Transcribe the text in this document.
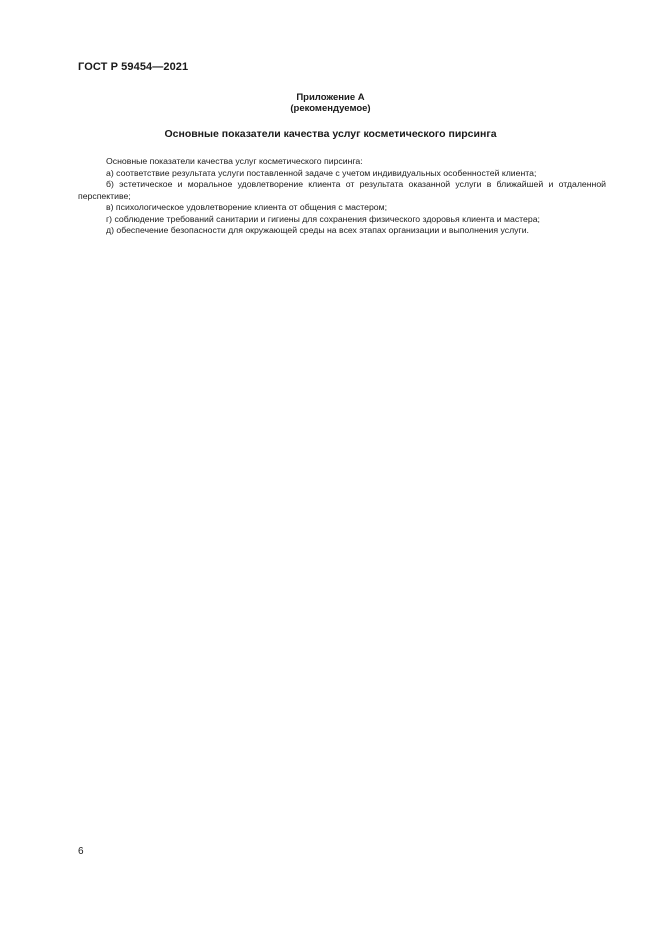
ГОСТ Р 59454—2021
Приложение А
(рекомендуемое)
Основные показатели качества услуг косметического пирсинга

Основные показатели качества услуг косметического пирсинга:

а) соответствие результата услуги поставленной задаче с учетом индивидуальных особенностей клиента;

б) эстетическое и моральное удовлетворение клиента от результата оказанной услуги в ближайшей и отдаленной перспективе;

в) психологическое удовлетворение клиента от общения с мастером;

г) соблюдение требований санитарии и гигиены для сохранения физического здоровья клиента и мастера;

д) обеспечение безопасности для окружающей среды на всех этапах организации и выполнения услуги.

6
